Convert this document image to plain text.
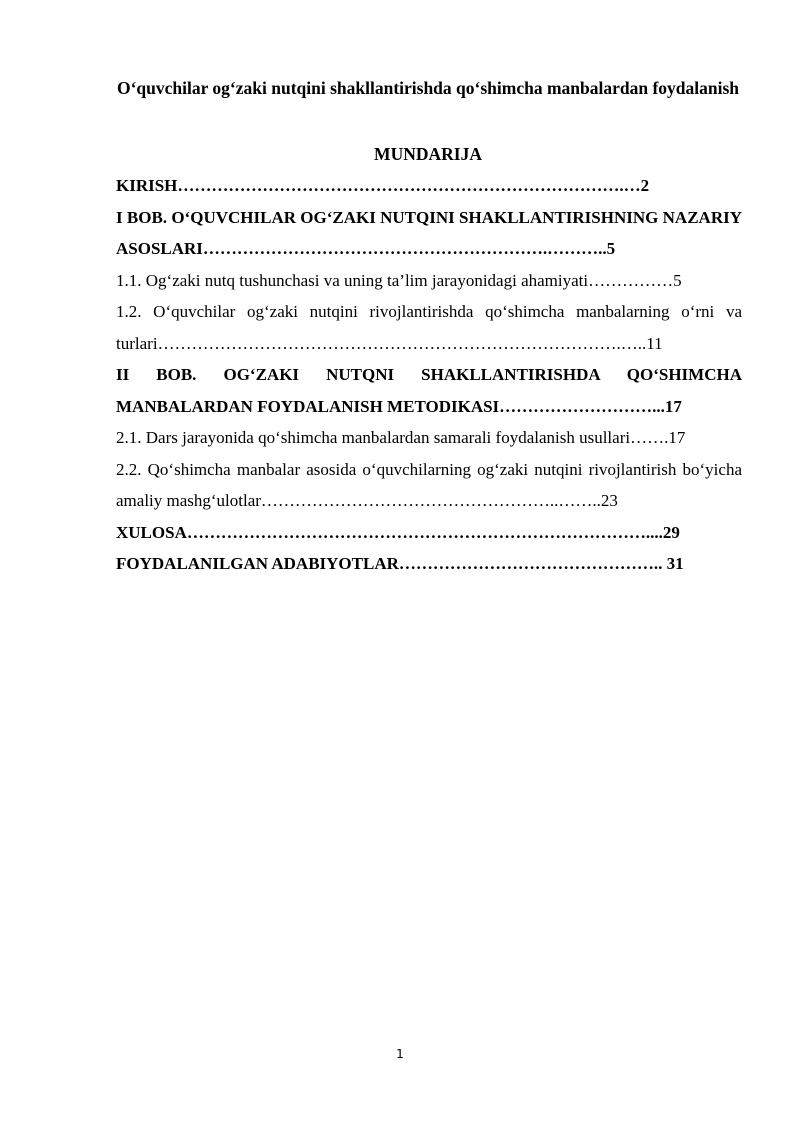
O‘quvchilar og‘zaki nutqini shakllantirishda qo‘shimcha manbalardan foydalanish
MUNDARIJA
KIRISH…………………………………………………………………….…2
I BOB. O‘QUVCHILAR OG‘ZAKI NUTQINI SHAKLLANTIRISHNING NAZARIY ASOSLARI…………………………………………………….………..5
1.1. Og‘zaki nutq tushunchasi va uning ta’lim jarayonidagi ahamiyati……………5
1.2. O‘quvchilar og‘zaki nutqini rivojlantirishda qo‘shimcha manbalarning o‘rni va turlari……………………………………………………………………….…..11
II BOB. OG‘ZAKI NUTQNI SHAKLLANTIRISHDA QO‘SHIMCHA MANBALARDAN FOYDALANISH METODIKASI………………………...17
2.1. Dars jarayonida qo‘shimcha manbalardan samarali foydalanish usullari…….17
2.2. Qo‘shimcha manbalar asosida o‘quvchilarning og‘zaki nutqini rivojlantirish bo‘yicha amaliy mashg‘ulotlar……………………………………………..……..23
XULOSA………………………………………………………………………....29
FOYDALANILGAN ADABIYOTLAR……………………………………….. 31
1
